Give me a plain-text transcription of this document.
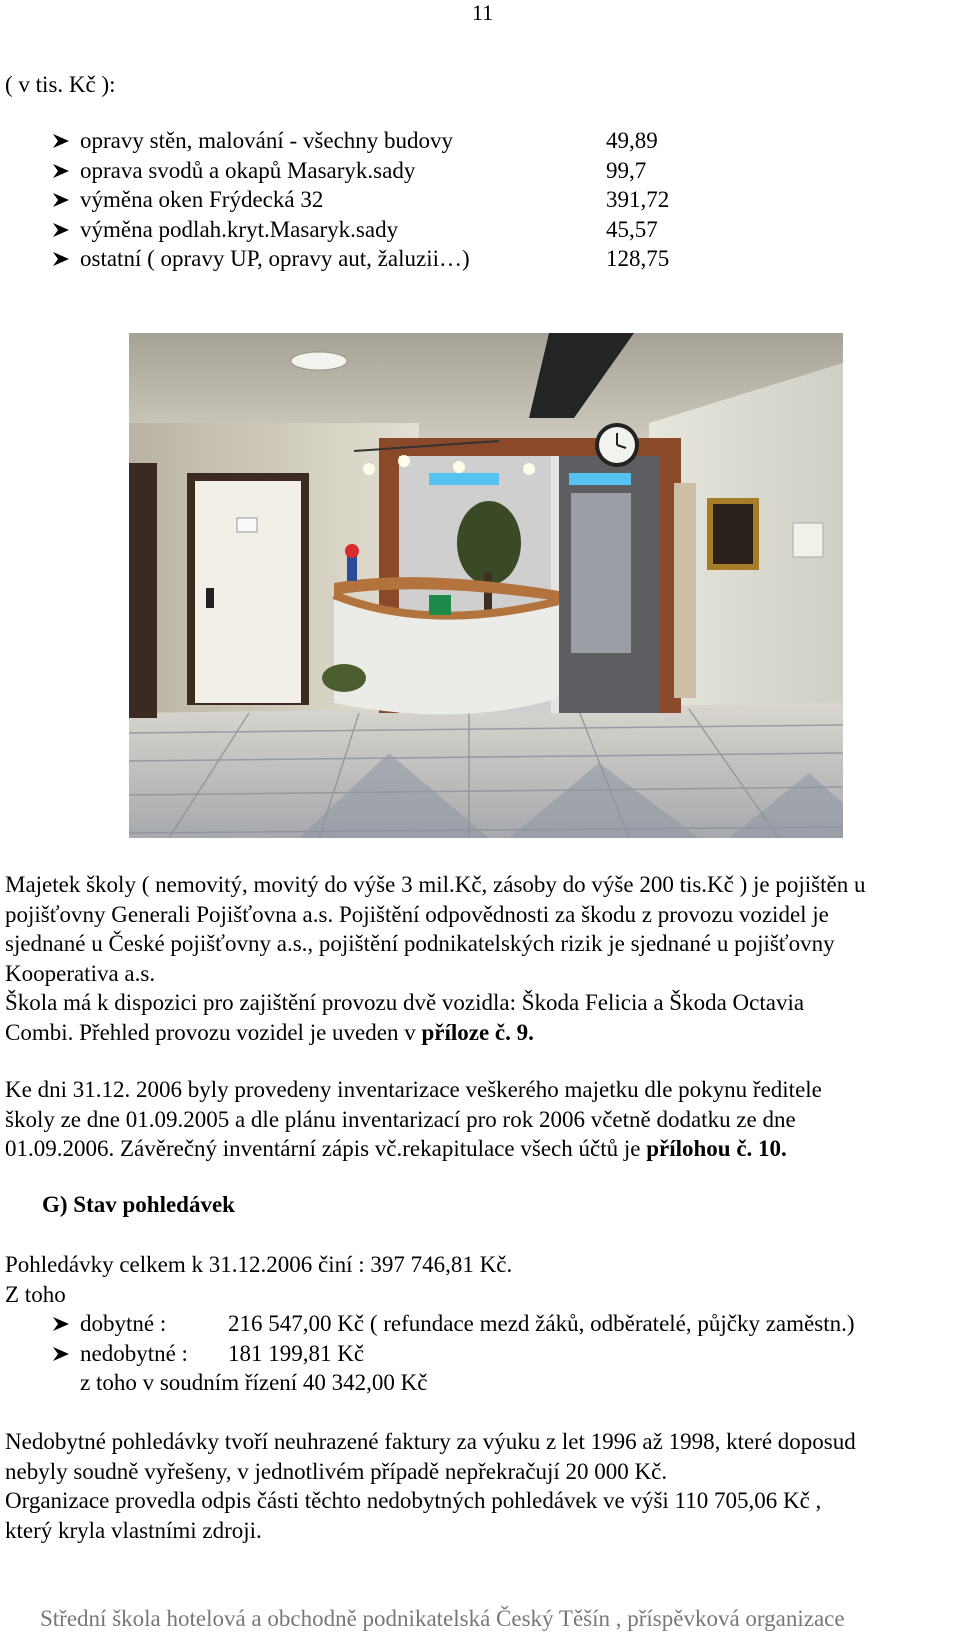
11
( v tis. Kč ):
opravy stěn, malování - všechny budovy	49,89
oprava svodů a okapů Masaryk.sady	99,7
výměna oken Frýdecká 32	391,72
výměna podlah.kryt.Masaryk.sady	45,57
ostatní ( opravy UP, opravy aut, žaluzii…)	128,75
Majetek školy ( nemovitý, movitý do výše 3 mil.Kč, zásoby do výše 200 tis.Kč ) je pojištěn u
pojišťovny Generali Pojišťovna a.s. Pojištění odpovědnosti za škodu z provozu vozidel je
sjednané u České pojišťovny a.s., pojištění podnikatelských rizik je sjednané u pojišťovny
Kooperativa a.s.
Škola má k dispozici pro zajištění provozu dvě vozidla: Škoda Felicia a Škoda Octavia
Combi. Přehled provozu vozidel je uveden v příloze č. 9.
Ke dni 31.12. 2006 byly provedeny inventarizace veškerého majetku dle pokynu ředitele
školy ze dne 01.09.2005 a dle plánu inventarizací pro rok 2006 včetně dodatku ze dne
01.09.2006. Závěrečný inventární zápis vč.rekapitulace všech účtů je přílohou č. 10.
G) Stav pohledávek
Pohledávky celkem k 31.12.2006 činí : 397 746,81 Kč.
Z toho
dobytné :	216 547,00 Kč ( refundace mezd žáků, odběratelé, půjčky zaměstn.)
nedobytné : 181 199,81 Kč
z toho v soudním řízení 40 342,00 Kč
Nedobytné pohledávky tvoří neuhrazené faktury za výuku z let 1996 až 1998, které doposud
nebyly soudně vyřešeny, v jednotlivém případě nepřekračují 20 000 Kč.
Organizace provedla odpis části těchto nedobytných pohledávek ve výši 110 705,06 Kč ,
který kryla vlastními zdroji.
Střední škola hotelová a obchodně podnikatelská Český Těšín , příspěvková organizace
